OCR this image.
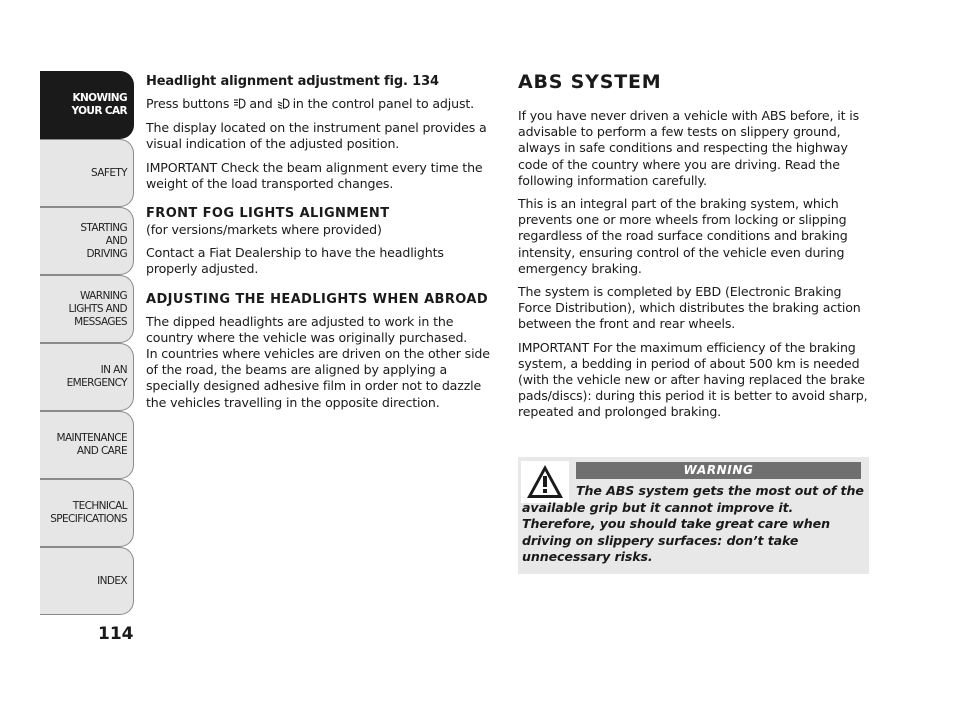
KNOWING
YOUR CAR
SAFETY
STARTING
AND
DRIVING
WARNING
LIGHTS AND
MESSAGES
IN AN
EMERGENCY
MAINTENANCE
AND CARE
TECHNICAL
SPECIFICATIONS
INDEX
114

Headlight alignment adjustment fig. 134

Press buttons and in the control panel to adjust.

The display located on the instrument panel provides a visual indication of the adjusted position.

IMPORTANT Check the beam alignment every time the weight of the load transported changes.

FRONT FOG LIGHTS ALIGNMENT

(for versions/markets where provided)

Contact a Fiat Dealership to have the headlights properly adjusted.

ADJUSTING THE HEADLIGHTS WHEN ABROAD

The dipped headlights are adjusted to work in the country where the vehicle was originally purchased.

In countries where vehicles are driven on the other side of the road, the beams are aligned by applying a specially designed adhesive film in order not to dazzle the vehicles travelling in the opposite direction.

ABS SYSTEM

If you have never driven a vehicle with ABS before, it is advisable to perform a few tests on slippery ground, always in safe conditions and respecting the highway code of the country where you are driving. Read the following information carefully.

This is an integral part of the braking system, which prevents one or more wheels from locking or slipping regardless of the road surface conditions and braking intensity, ensuring control of the vehicle even during emergency braking.

The system is completed by EBD (Electronic Braking Force Distribution), which distributes the braking action between the front and rear wheels.

IMPORTANT For the maximum efficiency of the braking system, a bedding in period of about 500 km is needed (with the vehicle new or after having replaced the brake pads/discs): during this period it is better to avoid sharp, repeated and prolonged braking.

WARNING
The ABS system gets the most out of the available grip but it cannot improve it. Therefore, you should take great care when driving on slippery surfaces: don’t take unnecessary risks.
